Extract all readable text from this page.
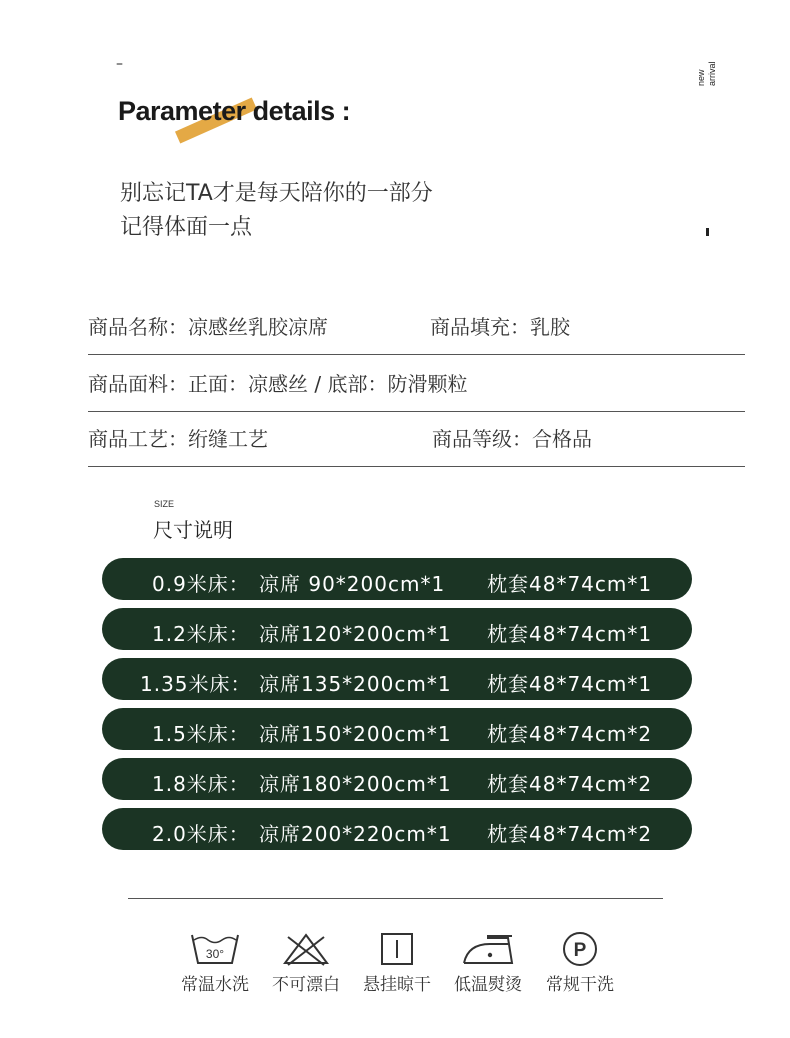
–
new arrival
Parameter details :
别忘记TA才是每天陪你的一部分
记得体面一点
商品名称：凉感丝乳胶凉席	商品填充：乳胶
商品面料：正面：凉感丝 / 底部：防滑颗粒
商品工艺：绗缝工艺	商品等级：合格品
SIZE
尺寸说明
0.9米床： 凉席 90*200cm*1 枕套48*74cm*1
1.2米床： 凉席120*200cm*1 枕套48*74cm*1
1.35米床： 凉席135*200cm*1 枕套48*74cm*1
1.5米床： 凉席150*200cm*1 枕套48*74cm*2
1.8米床： 凉席180*200cm*1 枕套48*74cm*2
2.0米床： 凉席200*220cm*1 枕套48*74cm*2
30°
常温水洗	不可漂白	悬挂晾干	低温熨烫
P
常规干洗
